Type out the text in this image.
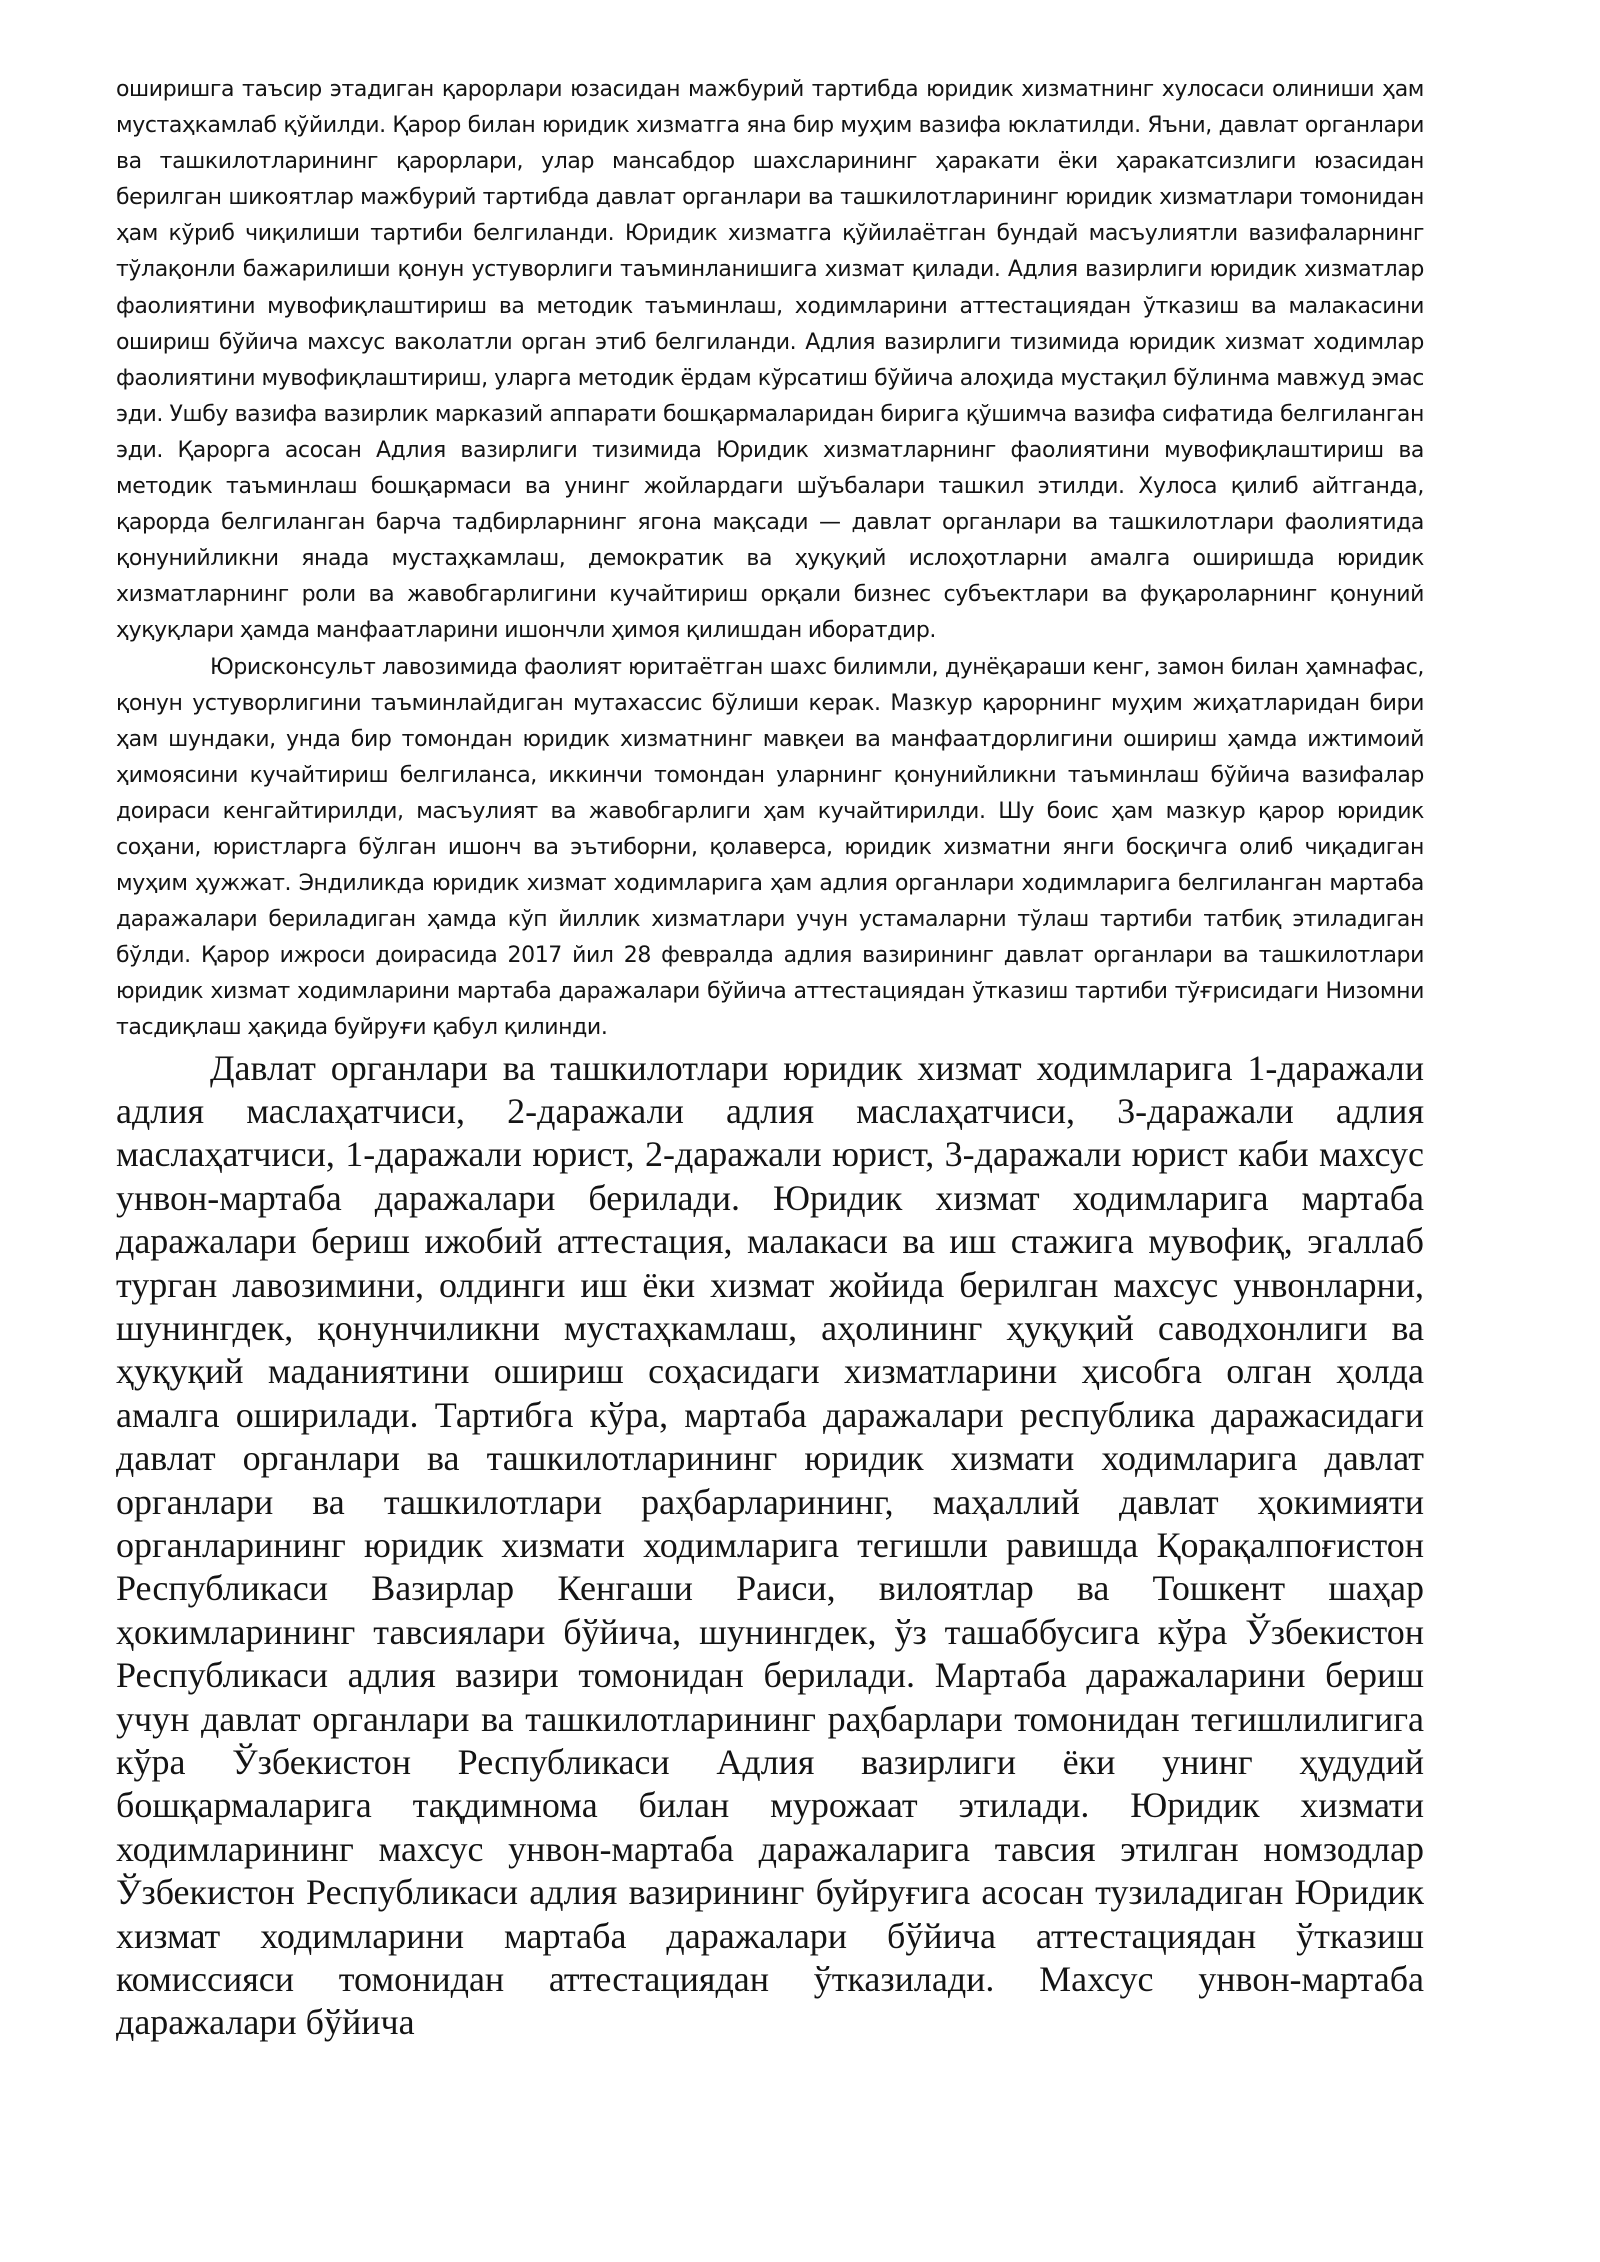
оширишга таъсир этадиган қарорлари юзасидан мажбурий тартибда юридик хизматнинг хулосаси олиниши ҳам мустаҳкамлаб қўйилди. Қарор билан юридик хизматга яна бир муҳим вазифа юклатилди. Яъни, давлат органлари ва ташкилотларининг қарорлари, улар мансабдор шахсларининг ҳаракати ёки ҳаракатсизлиги юзасидан берилган шикоятлар мажбурий тартибда давлат органлари ва ташкилотларининг юридик хизматлари томонидан ҳам кўриб чиқилиши тартиби белгиланди. Юридик хизматга қўйилаётган бундай масъулиятли вазифаларнинг тўлақонли бажарилиши қонун устуворлиги таъминланишига хизмат қилади. Адлия вазирлиги юридик хизматлар фаолиятини мувофиқлаштириш ва методик таъминлаш, ходимларини аттестациядан ўтказиш ва малакасини ошириш бўйича махсус ваколатли орган этиб белгиланди. Адлия вазирлиги тизимида юридик хизмат ходимлар фаолиятини мувофиқлаштириш, уларга методик ёрдам кўрсатиш бўйича алоҳида мустақил бўлинма мавжуд эмас эди. Ушбу вазифа вазирлик марказий аппарати бошқармаларидан бирига қўшимча вазифа сифатида белгиланган эди. Қарорга асосан Адлия вазирлиги тизимида Юридик хизматларнинг фаолиятини мувофиқлаштириш ва методик таъминлаш бошқармаси ва унинг жойлардаги шўъбалари ташкил этилди. Хулоса қилиб айтганда, қарорда белгиланган барча тадбирларнинг ягона мақсади — давлат органлари ва ташкилотлари фаолиятида қонунийликни янада мустаҳкамлаш, демократик ва ҳуқуқий ислоҳотларни амалга оширишда юридик хизматларнинг роли ва жавобгарлигини кучайтириш орқали бизнес субъектлари ва фуқароларнинг қонуний ҳуқуқлари ҳамда манфаатларини ишончли ҳимоя қилишдан иборатдир.

Юрисконсульт лавозимида фаолият юритаётган шахс билимли, дунёқараши кенг, замон билан ҳамнафас, қонун устуворлигини таъминлайдиган мутахассис бўлиши керак. Мазкур қарорнинг муҳим жиҳатларидан бири ҳам шундаки, унда бир томондан юридик хизматнинг мавқеи ва манфаатдорлигини ошириш ҳамда ижтимоий ҳимоясини кучайтириш белгиланса, иккинчи томондан уларнинг қонунийликни таъминлаш бўйича вазифалар доираси кенгайтирилди, масъулият ва жавобгарлиги ҳам кучайтирилди. Шу боис ҳам мазкур қарор юридик соҳани, юристларга бўлган ишонч ва эътиборни, қолаверса, юридик хизматни янги босқичга олиб чиқадиган муҳим ҳужжат. Эндиликда юридик хизмат ходимларига ҳам адлия органлари ходимларига белгиланган мартаба даражалари бериладиган ҳамда кўп йиллик хизматлари учун устамаларни тўлаш тартиби татбиқ этиладиган бўлди. Қарор ижроси доирасида 2017 йил 28 февралда адлия вазирининг давлат органлари ва ташкилотлари юридик хизмат ходимларини мартаба даражалари бўйича аттестациядан ўтказиш тартиби тўғрисидаги Низомни тасдиқлаш ҳақида буйруғи қабул қилинди.

Давлат органлари ва ташкилотлари юридик хизмат ходимларига 1-даражали адлия маслаҳатчиси, 2-даражали адлия маслаҳатчиси, 3-даражали адлия маслаҳатчиси, 1-даражали юрист, 2-даражали юрист, 3-даражали юрист каби махсус унвон-мартаба даражалари берилади. Юридик хизмат ходимларига мартаба даражалари бериш ижобий аттестация, малакаси ва иш стажига мувофиқ, эгаллаб турган лавозимини, олдинги иш ёки хизмат жойида берилган махсус унвонларни, шунингдек, қонунчиликни мустаҳкамлаш, аҳолининг ҳуқуқий саводхонлиги ва ҳуқуқий маданиятини ошириш соҳасидаги хизматларини ҳисобга олган ҳолда амалга оширилади. Тартибга кўра, мартаба даражалари республика даражасидаги давлат органлари ва ташкилотларининг юридик хизмати ходимларига давлат органлари ва ташкилотлари раҳбарларининг, маҳаллий давлат ҳокимияти органларининг юридик хизмати ходимларига тегишли равишда Қорақалпоғистон Республикаси Вазирлар Кенгаши Раиси, вилоятлар ва Тошкент шаҳар ҳокимларининг тавсиялари бўйича, шунингдек, ўз ташаббусига кўра Ўзбекистон Республикаси адлия вазири томонидан берилади. Мартаба даражаларини бериш учун давлат органлари ва ташкилотларининг раҳбарлари томонидан тегишлилигига кўра Ўзбекистон Республикаси Адлия вазирлиги ёки унинг ҳудудий бошқармаларига тақдимнома билан мурожаат этилади. Юридик хизмати ходимларининг махсус унвон-мартаба даражаларига тавсия этилган номзодлар Ўзбекистон Республикаси адлия вазирининг буйруғига асосан тузиладиган Юридик хизмат ходимларини мартаба даражалари бўйича аттестациядан ўтказиш комиссияси томонидан аттестациядан ўтказилади. Махсус унвон-мартаба даражалари бўйича
